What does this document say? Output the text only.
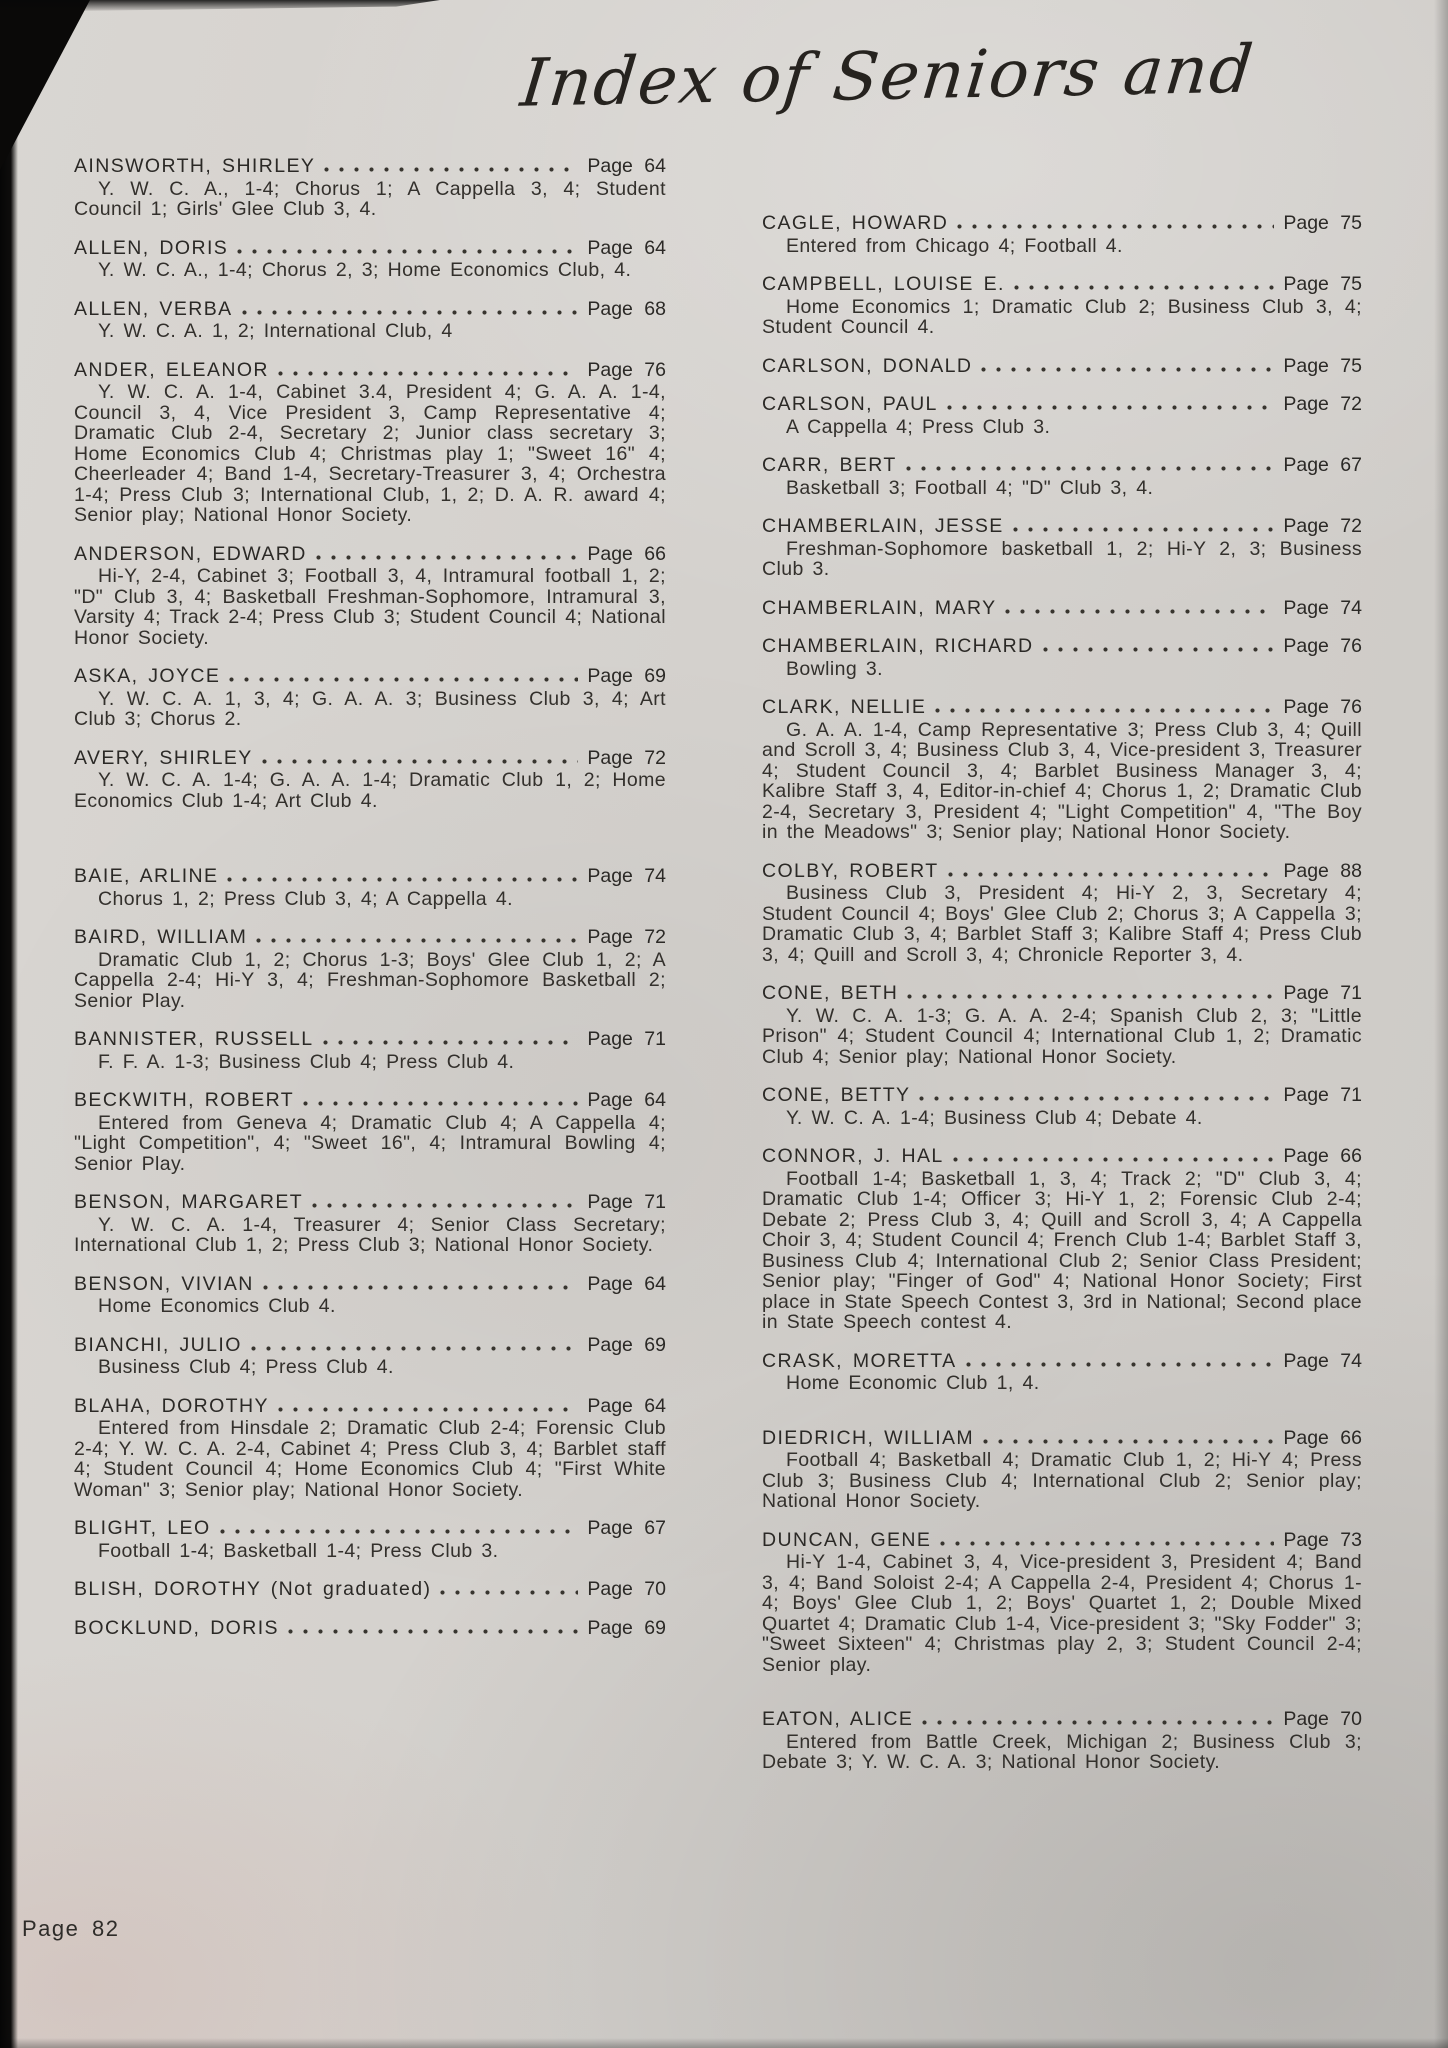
Index of Seniors and
AINSWORTH, SHIRLEY	Page 64

Y. W. C. A., 1-4; Chorus 1; A Cappella 3, 4; Student Council 1; Girls' Glee Club 3, 4.

ALLEN, DORIS	Page 64

Y. W. C. A., 1-4; Chorus 2, 3; Home Economics Club, 4.

ALLEN, VERBA	Page 68

Y. W. C. A. 1, 2; International Club, 4

ANDER, ELEANOR	Page 76

Y. W. C. A. 1-4, Cabinet 3.4, President 4; G. A. A. 1-4, Council 3, 4, Vice President 3, Camp Representative 4; Dramatic Club 2-4, Secretary 2; Junior class secretary 3; Home Economics Club 4; Christmas play 1; "Sweet 16" 4; Cheerleader 4; Band 1-4, Secretary-Treasurer 3, 4; Orchestra 1-4; Press Club 3; International Club, 1, 2; D. A. R. award 4; Senior play; National Honor Society.

ANDERSON, EDWARD	Page 66

Hi-Y, 2-4, Cabinet 3; Football 3, 4, Intramural football 1, 2; "D" Club 3, 4; Basketball Freshman-Sophomore, Intramural 3, Varsity 4; Track 2-4; Press Club 3; Student Council 4; National Honor Society.

ASKA, JOYCE	Page 69

Y. W. C. A. 1, 3, 4; G. A. A. 3; Business Club 3, 4; Art Club 3; Chorus 2.

AVERY, SHIRLEY	Page 72

Y. W. C. A. 1-4; G. A. A. 1-4; Dramatic Club 1, 2; Home Economics Club 1-4; Art Club 4.

BAIE, ARLINE	Page 74

Chorus 1, 2; Press Club 3, 4; A Cappella 4.

BAIRD, WILLIAM	Page 72

Dramatic Club 1, 2; Chorus 1-3; Boys' Glee Club 1, 2; A Cappella 2-4; Hi-Y 3, 4; Freshman-Sophomore Basketball 2; Senior Play.

BANNISTER, RUSSELL	Page 71

F. F. A. 1-3; Business Club 4; Press Club 4.

BECKWITH, ROBERT	Page 64

Entered from Geneva 4; Dramatic Club 4; A Cappella 4; "Light Competition", 4; "Sweet 16", 4; Intramural Bowling 4; Senior Play.

BENSON, MARGARET	Page 71

Y. W. C. A. 1-4, Treasurer 4; Senior Class Secretary; International Club 1, 2; Press Club 3; National Honor Society.

BENSON, VIVIAN	Page 64

Home Economics Club 4.

BIANCHI, JULIO	Page 69

Business Club 4; Press Club 4.

BLAHA, DOROTHY	Page 64

Entered from Hinsdale 2; Dramatic Club 2-4; Forensic Club 2-4; Y. W. C. A. 2-4, Cabinet 4; Press Club 3, 4; Barblet staff 4; Student Council 4; Home Economics Club 4; "First White Woman" 3; Senior play; National Honor Society.

BLIGHT, LEO	Page 67

Football 1-4; Basketball 1-4; Press Club 3.

BLISH, DOROTHY (Not graduated)	Page 70
BOCKLUND, DORIS	Page 69
CAGLE, HOWARD	Page 75

Entered from Chicago 4; Football 4.

CAMPBELL, LOUISE E.	Page 75

Home Economics 1; Dramatic Club 2; Business Club 3, 4; Student Council 4.

CARLSON, DONALD	Page 75
CARLSON, PAUL	Page 72

A Cappella 4; Press Club 3.

CARR, BERT	Page 67

Basketball 3; Football 4; "D" Club 3, 4.

CHAMBERLAIN, JESSE	Page 72

Freshman-Sophomore basketball 1, 2; Hi-Y 2, 3; Business Club 3.

CHAMBERLAIN, MARY	Page 74
CHAMBERLAIN, RICHARD	Page 76

Bowling 3.

CLARK, NELLIE	Page 76

G. A. A. 1-4, Camp Representative 3; Press Club 3, 4; Quill and Scroll 3, 4; Business Club 3, 4, Vice-president 3, Treasurer 4; Student Council 3, 4; Barblet Business Manager 3, 4; Kalibre Staff 3, 4, Editor-in-chief 4; Chorus 1, 2; Dramatic Club 2-4, Secretary 3, President 4; "Light Competition" 4, "The Boy in the Meadows" 3; Senior play; National Honor Society.

COLBY, ROBERT	Page 88

Business Club 3, President 4; Hi-Y 2, 3, Secretary 4; Student Council 4; Boys' Glee Club 2; Chorus 3; A Cappella 3; Dramatic Club 3, 4; Barblet Staff 3; Kalibre Staff 4; Press Club 3, 4; Quill and Scroll 3, 4; Chronicle Reporter 3, 4.

CONE, BETH	Page 71

Y. W. C. A. 1-3; G. A. A. 2-4; Spanish Club 2, 3; "Little Prison" 4; Student Council 4; International Club 1, 2; Dramatic Club 4; Senior play; National Honor Society.

CONE, BETTY	Page 71

Y. W. C. A. 1-4; Business Club 4; Debate 4.

CONNOR, J. HAL	Page 66

Football 1-4; Basketball 1, 3, 4; Track 2; "D" Club 3, 4; Dramatic Club 1-4; Officer 3; Hi-Y 1, 2; Forensic Club 2-4; Debate 2; Press Club 3, 4; Quill and Scroll 3, 4; A Cappella Choir 3, 4; Student Council 4; French Club 1-4; Barblet Staff 3, Business Club 4; International Club 2; Senior Class President; Senior play; "Finger of God" 4; National Honor Society; First place in State Speech Contest 3, 3rd in National; Second place in State Speech contest 4.

CRASK, MORETTA	Page 74

Home Economic Club 1, 4.

DIEDRICH, WILLIAM	Page 66

Football 4; Basketball 4; Dramatic Club 1, 2; Hi-Y 4; Press Club 3; Business Club 4; International Club 2; Senior play; National Honor Society.

DUNCAN, GENE	Page 73

Hi-Y 1-4, Cabinet 3, 4, Vice-president 3, President 4; Band 3, 4; Band Soloist 2-4; A Cappella 2-4, President 4; Chorus 1-4; Boys' Glee Club 1, 2; Boys' Quartet 1, 2; Double Mixed Quartet 4; Dramatic Club 1-4, Vice-president 3; "Sky Fodder" 3; "Sweet Sixteen" 4; Christmas play 2, 3; Student Council 2-4; Senior play.

EATON, ALICE	Page 70

Entered from Battle Creek, Michigan 2; Business Club 3; Debate 3; Y. W. C. A. 3; National Honor Society.

Page 82
